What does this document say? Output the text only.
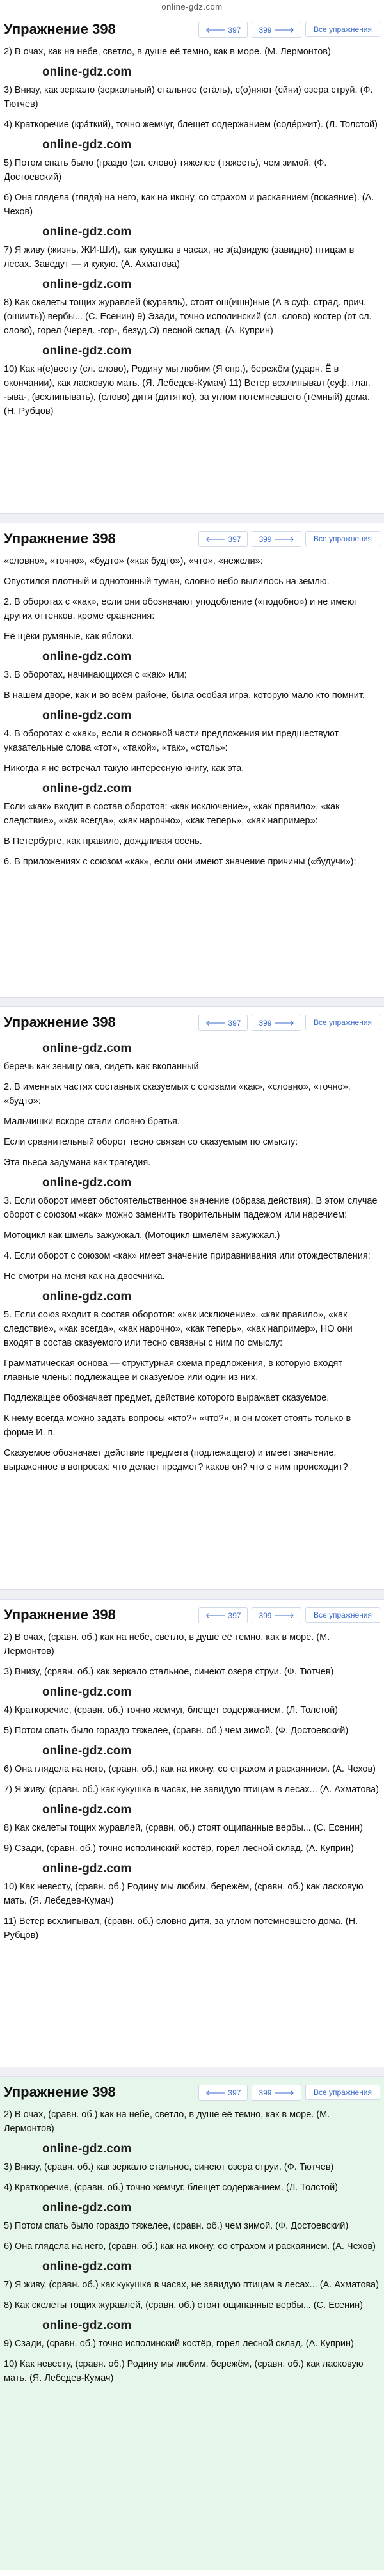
online-gdz.com
Упражнение 398	🡐 397	399 🡒	Все упражнения

2) В очах, как на небе, светло, в душе её темно, как в море. (М. Лермонтов)

online-gdz.com

3) Внизу, как зеркало (зеркальный) ст̶альное (стáль), с(о)няют (сйни) озера струй. (Ф. Тютчев)

4) Краткоречие (кра́ткий), точно жемчуг, блещет содержанием (содéржит). (Л. Толстой)

online-gdz.com

5) Потом спать было (граздо (сл. слово) тяжелее (тяжесть), чем зимой. (Ф. Достоевский)

6) Она глядела (глядя) на него, как на икону, со страхом и раскаянием (покаяние). (А. Чехов)

online-gdz.com

7) Я живу (жизнь, ЖИ-ШИ), как кукушка в часах, не з(а)видую (завидно) птицам в лесах. Заведут — и кукую. (А. Ахматова)

online-gdz.com

8) Как скелеты тощих журавлей (журавль), стоят ош(ишн)ные (А в суф. страд. прич. (ошиить)) вербы... (С. Есенин) 9) Эзади, точно исполинский (сл. слово) костер (от сл. слово), горел (черед. -гор-, безуд.О) лесной склад. (А. Куприн)

online-gdz.com

10) Как н(е)весту (сл. слово), Родину мы любим (Я спр.), бережём (ударн. Ё в окончании), как ласковую мать. (Я. Лебедев-Кумач) 11) Ветер вcхлипывал (суф. глаг. -ыва-, (всхлипывать), (слово) дитя (дитятко), за углом потемневшего (тёмный) дома. (Н. Рубцов)

Упражнение 398	🡐 397	399 🡒	Все упражнения

«словно», «точно», «будто» («как будто»), «что», «нежели»:

Опустился плотный и однотонный туман, словно небо вылилось на землю.

2. В оборотах с «как», если они обозначают уподобление («подобно») и не имеют других оттенков, кроме сравнения:

Её щёки румяные, как яблоки.

online-gdz.com

3. В оборотах, начинающихся с «как» или:

В нашем дворе, как и во всём районе, была особая игра, которую мало кто помнит.

online-gdz.com

4. В оборотах с «как», если в основной части предложения им предшествуют указательные слова «тот», «такой», «так», «столь»:

Никогда я не встречал такую интересную книгу, как эта.

online-gdz.com

Если «как» входит в состав оборотов: «как исключение», «как правило», «как следствие», «как всегда», «как нарочно», «как теперь», «как например»:

В Петербурге, как правило, дождливая осень.

6. В приложениях с союзом «как», если они имеют значение причины («будучи»):

Упражнение 398	🡐 397	399 🡒	Все упражнения
online-gdz.com

беречь как зеницу ока, сидеть как вкопанный

2. В именных частях составных сказуемых с союзами «как», «словно», «точно», «будто»:

Мальчишки вскоре стали словно братья.

Если сравнительный оборот тесно связан со сказуемым по смыслу:

Эта пьеса задумана как трагедия.

online-gdz.com

3. Если оборот имеет обстоятельственное значение (образа действия). В этом случае оборот с союзом «как» можно заменить творительным падежом или наречием:

Мотоцикл как шмель зажужжал. (Мотоцикл шмелём зажужжал.)

4. Если оборот с союзом «как» имеет значение приравнивания или отождествления:

Не смотри на меня как на двоечника.

online-gdz.com

5. Если союз входит в состав оборотов: «как исключение», «как правило», «как следствие», «как всегда», «как нарочно», «как теперь», «как например», НО они входят в состав сказуемого или тесно связаны с ним по смыслу:

Грамматическая основа — структурная схема предложения, в которую входят главные члены: подлежащее и сказуемое или один из них.

Подлежащее обозначает предмет, действие которого выражает сказуемое.

К нему всегда можно задать вопросы «кто?» «что?», и он может стоять только в форме И. п.

Сказуемое обозначает действие предмета (подлежащего) и имеет значение, выраженное в вопросах: что делает предмет? каков он? что с ним происходит?

Упражнение 398	🡐 397	399 🡒	Все упражнения

2) В очах, (сравн. об.) как на небе, светло, в душе её темно, как в море. (М. Лермонтов)

3) Внизу, (сравн. об.) как зеркало стальное, синеют озера струи. (Ф. Тютчев)

online-gdz.com

4) Краткоречие, (сравн. об.) точно жемчуг, блещет содержанием. (Л. Толстой)

5) Потом спать было гораздо тяжелее, (сравн. об.) чем зимой. (Ф. Достоевский)

online-gdz.com

6) Она глядела на него, (сравн. об.) как на икону, со страхом и раскаянием. (А. Чехов)

7) Я живу, (сравн. об.) как кукушка в часах, не завидую птицам в лесах... (А. Ахматова)

online-gdz.com

8) Как скелеты тощих журавлей, (сравн. об.) стоят ощипанные вербы... (С. Есенин)

9) Сзади, (сравн. об.) точно исполинский костёр, горел лесной склад. (А. Куприн)

online-gdz.com

10) Как невесту, (сравн. об.) Родину мы любим, бережём, (сравн. об.) как ласковую мать. (Я. Лебедев-Кумач)

11) Ветер всхлипывал, (сравн. об.) словно дитя, за углом потемневшего дома. (Н. Рубцов)

Упражнение 398	🡐 397	399 🡒	Все упражнения

2) В очах, (сравн. об.) как на небе, светло, в душе её темно, как в море. (М. Лермонтов)

online-gdz.com

3) Внизу, (сравн. об.) как зеркало стальное, синеют озера струи. (Ф. Тютчев)

4) Краткоречие, (сравн. об.) точно жемчуг, блещет содержанием. (Л. Толстой)

online-gdz.com

5) Потом спать было гораздо тяжелее, (сравн. об.) чем зимой. (Ф. Достоевский)

6) Она глядела на него, (сравн. об.) как на икону, со страхом и раскаянием. (А. Чехов)

online-gdz.com

7) Я живу, (сравн. об.) как кукушка в часах, не завидую птицам в лесах... (А. Ахматова)

8) Как скелеты тощих журавлей, (сравн. об.) стоят ощипанные вербы... (С. Есенин)

online-gdz.com

9) Сзади, (сравн. об.) точно исполинский костёр, горел лесной склад. (А. Куприн)

10) Как невесту, (сравн. об.) Родину мы любим, бережём, (сравн. об.) как ласковую мать. (Я. Лебедев-Кумач)
